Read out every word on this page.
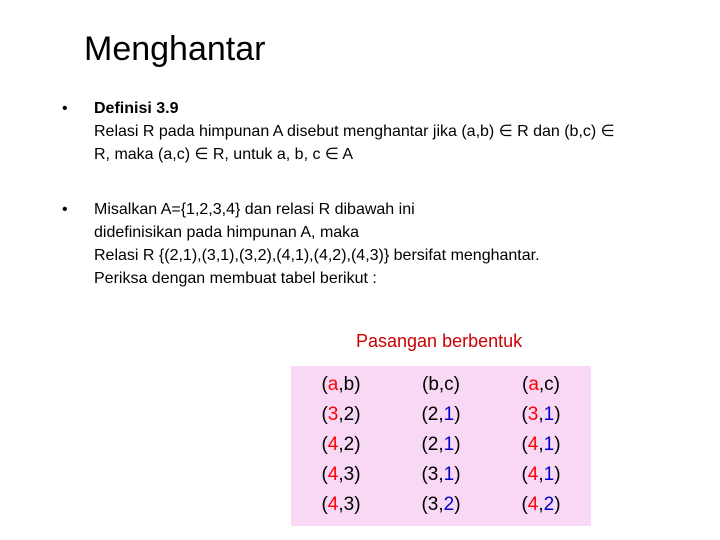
Menghantar
• Definisi 3.9
Relasi R pada himpunan A disebut menghantar jika (a,b) ∈ R dan (b,c) ∈
R, maka (a,c) ∈ R, untuk a, b, c ∈ A
• Misalkan A={1,2,3,4} dan relasi R dibawah ini
didefinisikan pada himpunan A, maka
Relasi R {(2,1),(3,1),(3,2),(4,1),(4,2),(4,3)} bersifat menghantar.
Periksa dengan membuat tabel berikut :
Pasangan berbentuk
(a,b)	(b,c)	(a,c)
(3,2)	(2,1)	(3,1)
(4,2)	(2,1)	(4,1)
(4,3)	(3,1)	(4,1)
(4,3)	(3,2)	(4,2)
